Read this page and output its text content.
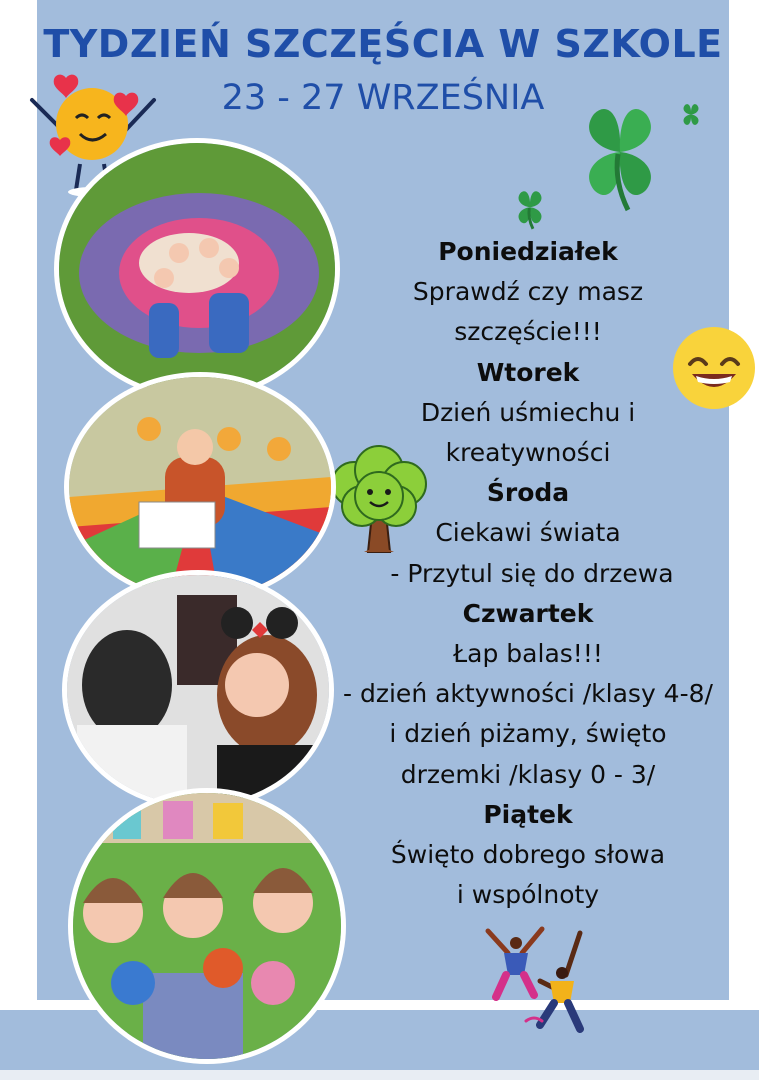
TYDZIEŃ SZCZĘŚCIA W SZKOLE
23 - 27 WRZEŚNIA
Poniedziałek
Sprawdź czy masz
szczęście!!!
Wtorek
Dzień uśmiechu i
kreatywności
Środa
Ciekawi świata
- Przytul się do drzewa
Czwartek
Łap balas!!!
- dzień aktywności /klasy 4-8/
i dzień piżamy, święto
drzemki /klasy 0 - 3/
Piątek
Święto dobrego słowa
i wspólnoty
